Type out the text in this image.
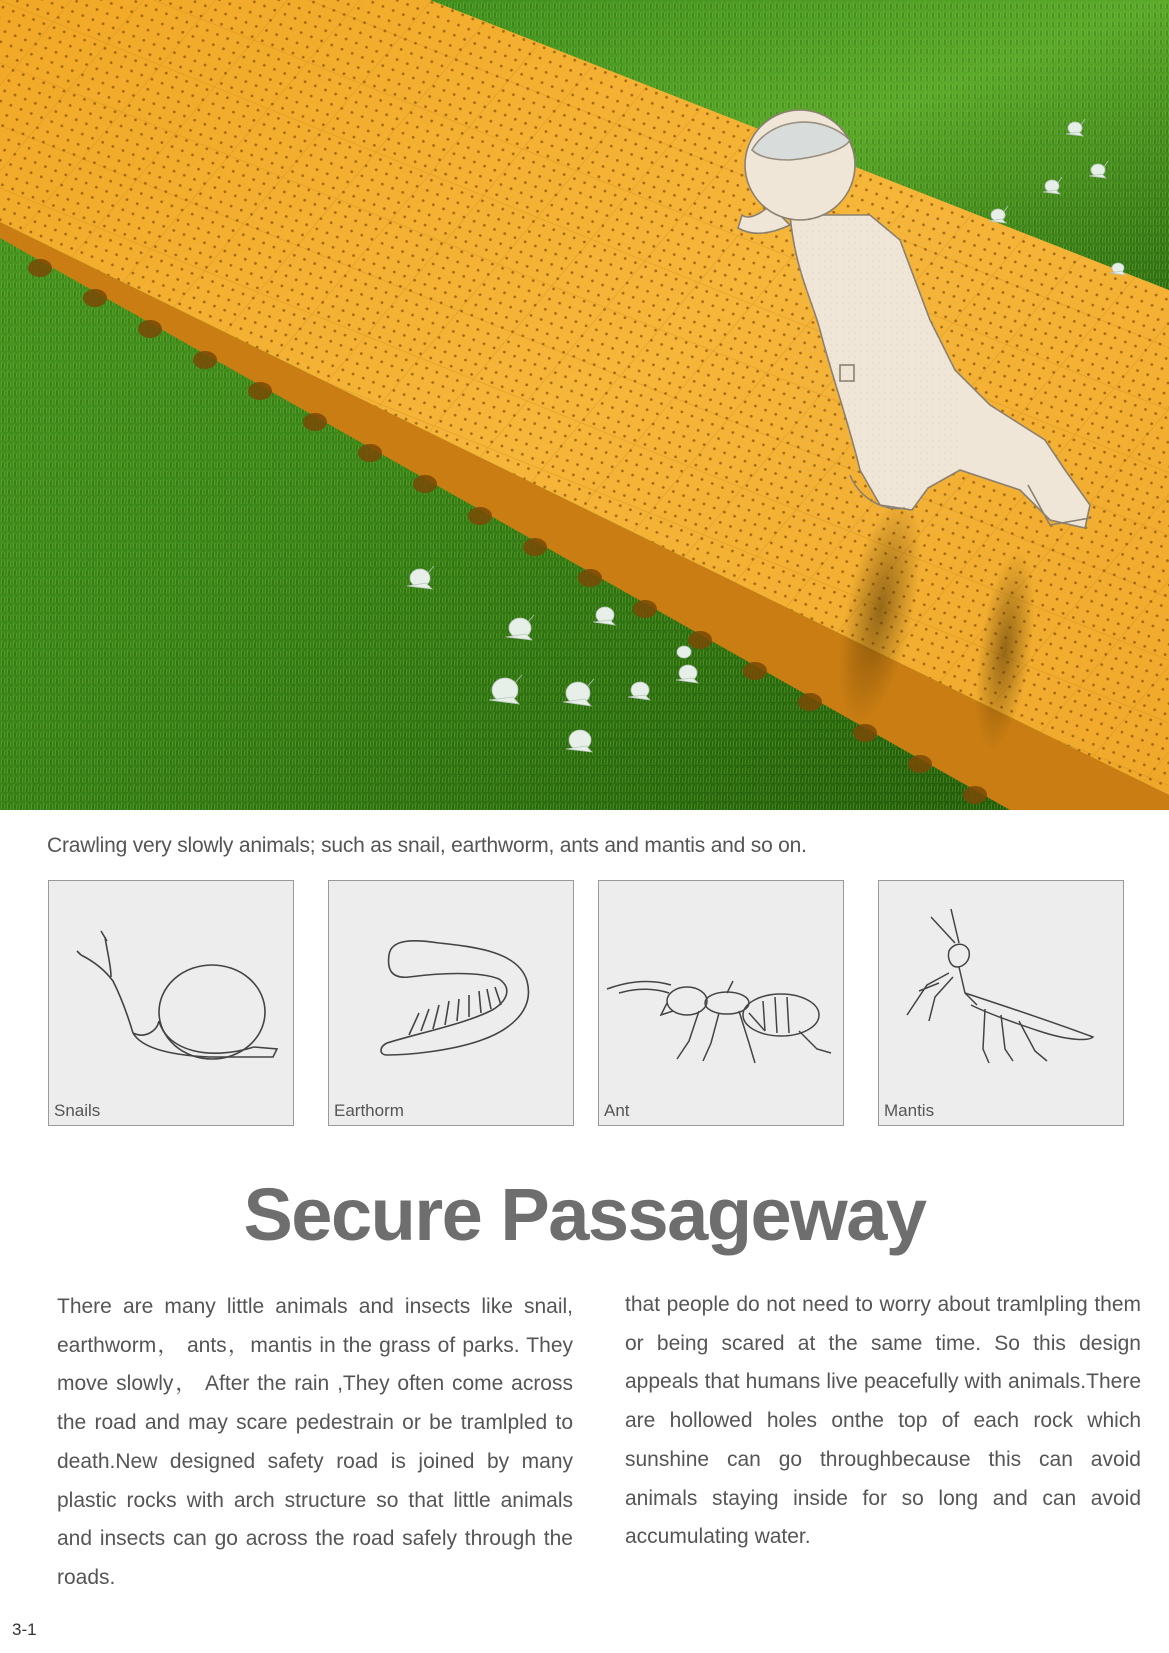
Crawling very slowly animals; such as snail, earthworm, ants and mantis and so on.
Snails	Earthorm	Ant	Mantis
Secure Passageway

There are many little animals and insects like snail, earthworm， ants，mantis in the grass of parks. They move slowly， After the rain ,They often come across the road and may scare pedestrain or be tramlpled to death.New designed safety road is joined by many plastic rocks with arch structure so that little animals and insects can go across the road safely through the roads.

that people do not need to worry about tramlpling them or being scared at the same time. So this design appeals that humans live peacefully with animals.There are hollowed holes onthe top of each rock which sunshine can go throughbecause this can avoid animals staying inside for so long and can avoid accumulating water.

3-1
